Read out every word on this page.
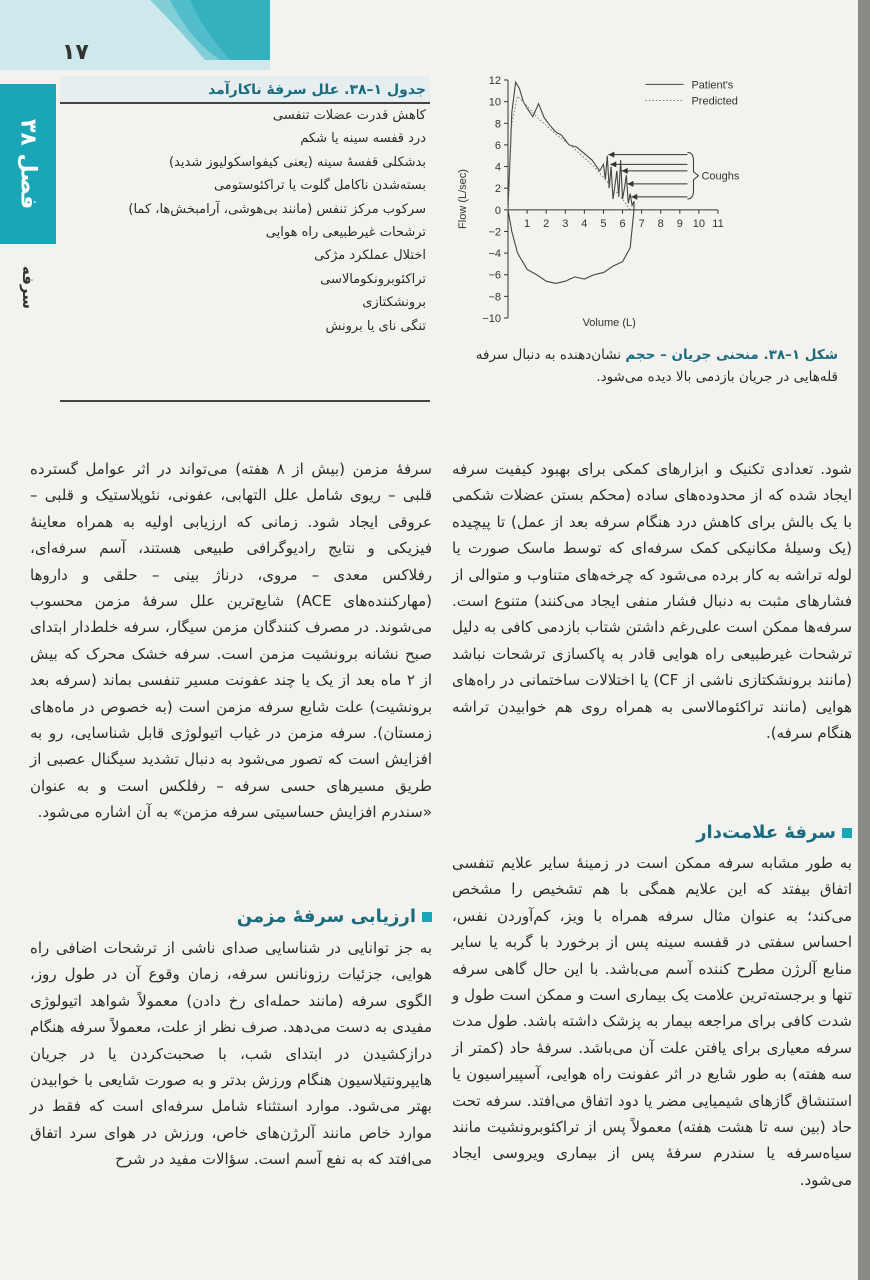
۱۷
فصل ۳۸
سرفه
جدول ۱–۳۸. علل سرفهٔ ناکارآمد
کاهش قدرت عضلات تنفسی
درد قفسه سینه یا شکم
بدشکلی قفسهٔ سینه (یعنی کیفواسکولیوز شدید)
بسته‌شدن ناکامل گلوت یا تراکئوستومی
سرکوب مرکز تنفس (مانند بی‌هوشی، آرامبخش‌ها، کما)
ترشحات غیرطبیعی راه هوایی
اختلال عملکرد مژکی
تراکئوبرونکومالاسی
برونشکتازی
تنگی نای یا برونش
12
10
8
6
4
2
0
−2
−4
−6
−8
−10
1 2 3 4 5 6 7 8 9 10 11
Volume (L)
Flow (L/sec)
Patient's
Predicted
Coughs
شکل ۱–۳۸. منحنی جریان – حجم نشان‌دهنده به دنبال سرفه قله‌هایی در جریان بازدمی بالا دیده می‌شود.

شود. تعدادی تکنیک و ابزارهای کمکی برای بهبود کیفیت سرفه ایجاد شده که از محدوده‌های ساده (محکم بستن عضلات شکمی با یک بالش برای کاهش درد هنگام سرفه بعد از عمل) تا پیچیده (یک وسیلهٔ مکانیکی کمک سرفه‌ای که توسط ماسک صورت یا لوله تراشه به کار برده می‌شود که چرخه‌های متناوب و متوالی از فشارهای مثبت به دنبال فشار منفی ایجاد می‌کنند) متنوع است. سرفه‌ها ممکن است علی‌رغم داشتن شتاب بازدمی کافی به دلیل ترشحات غیرطبیعی راه هوایی قادر به پاکسازی ترشحات نباشد (مانند برونشکتازی ناشی از CF) یا اختلالات ساختمانی در راه‌های هوایی (مانند تراکئومالاسی به همراه روی هم خوابیدن تراشه هنگام سرفه).

سرفهٔ علامت‌دار

به طور مشابه سرفه ممکن است در زمینهٔ سایر علایم تنفسی اتفاق بیفتد که این علایم همگی با هم تشخیص را مشخص می‌کند؛ به عنوان مثال سرفه همراه با ویز، کم‌آوردن نفس، احساس سفتی در قفسه سینه پس از برخورد با گربه یا سایر منابع آلرژن مطرح کننده آسم می‌باشد. با این حال گاهی سرفه تنها و برجسته‌ترین علامت یک بیماری است و ممکن است طول و شدت کافی برای مراجعه بیمار به پزشک داشته باشد. طول مدت سرفه معیاری برای یافتن علت آن می‌باشد. سرفهٔ حاد (کمتر از سه هفته) به طور شایع در اثر عفونت راه هوایی، آسپیراسیون یا استنشاق گازهای شیمیایی مضر یا دود اتفاق می‌افتد. سرفه تحت حاد (بین سه تا هشت هفته) معمولاً پس از تراکئوبرونشیت مانند سیاه‌سرفه یا سندرم سرفهٔ پس از بیماری ویروسی ایجاد می‌شود.

سرفهٔ مزمن (بیش از ۸ هفته) می‌تواند در اثر عوامل گسترده قلبی – ریوی شامل علل التهابی، عفونی، نئوپلاستیک و قلبی – عروقی ایجاد شود. زمانی که ارزیابی اولیه به همراه معاینهٔ فیزیکی و نتایج رادیوگرافی طبیعی هستند، آسم سرفه‌ای، رفلاکس معدی – مروی، درناژ بینی – حلقی و داروها (مهارکننده‌های ACE) شایع‌ترین علل سرفهٔ مزمن محسوب می‌شوند. در مصرف کنندگان مزمن سیگار، سرفه خلط‌دار ابتدای صبح نشانه برونشیت مزمن است. سرفه خشک محرک که بیش از ۲ ماه بعد از یک یا چند عفونت مسیر تنفسی بماند (سرفه بعد برونشیت) علت شایع سرفه مزمن است (به خصوص در ماه‌های زمستان). سرفه مزمن در غیاب اتیولوژی قابل شناسایی، رو به افزایش است که تصور می‌شود به دنبال تشدید سیگنال عصبی از طریق مسیرهای حسی سرفه – رفلکس است و به عنوان «سندرم افزایش حساسیتی سرفه مزمن» به آن اشاره می‌شود.

ارزیابی سرفهٔ مزمن

به جز توانایی در شناسایی صدای ناشی از ترشحات اضافی راه هوایی، جزئیات رزونانس سرفه، زمان وقوع آن در طول روز، الگوی سرفه (مانند حمله‌ای رخ دادن) معمولاً شواهد اتیولوژی مفیدی به دست می‌دهد. صرف نظر از علت، معمولاً سرفه هنگام درازکشیدن در ابتدای شب، با صحبت‌کردن یا در جریان هایپرونتیلاسیون هنگام ورزش بدتر و به صورت شایعی با خوابیدن بهتر می‌شود. موارد استثناء شامل سرفه‌ای است که فقط در موارد خاص مانند آلرژن‌های خاص، ورزش در هوای سرد اتفاق می‌افتد که به نفع آسم است. سؤالات مفید در شرح
